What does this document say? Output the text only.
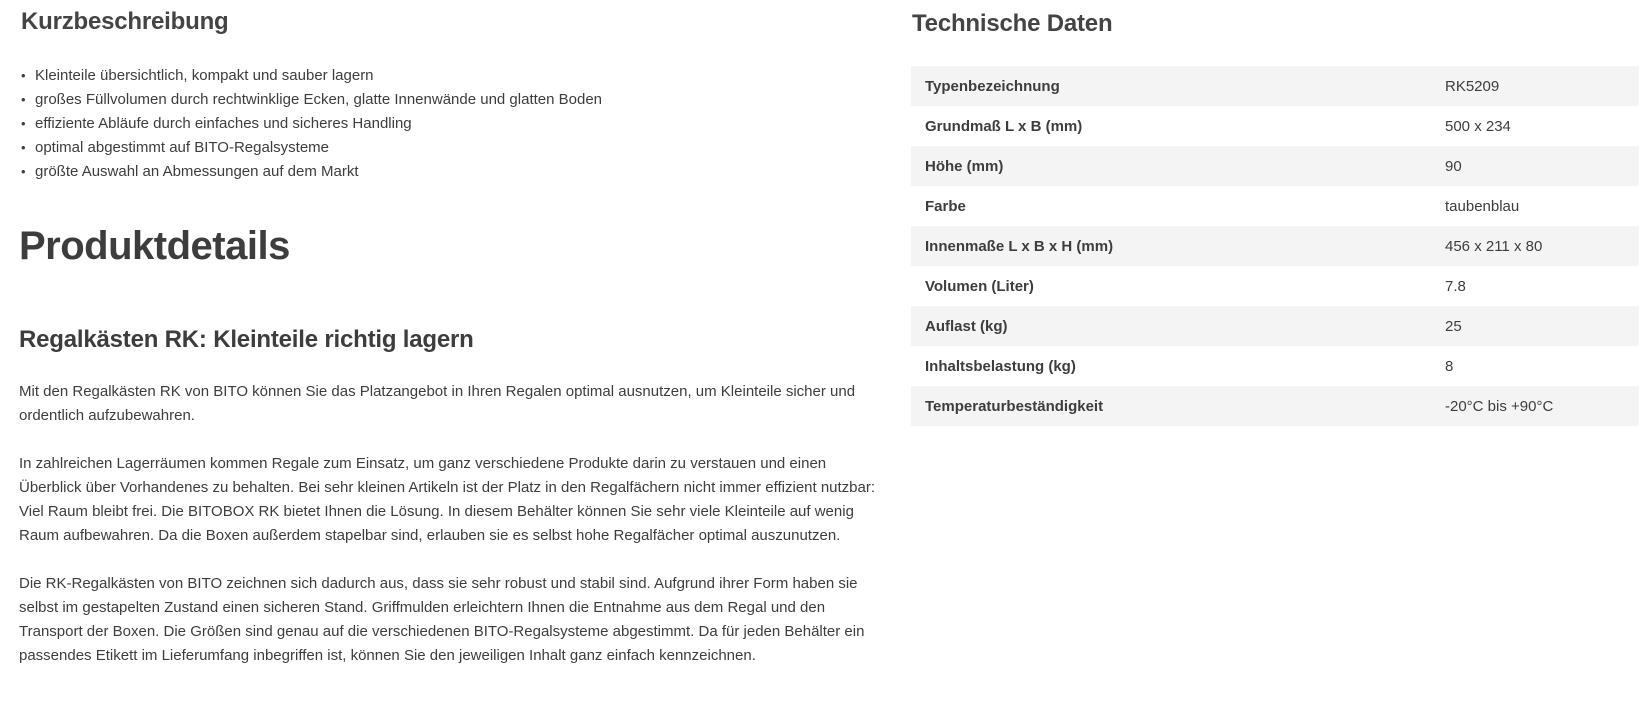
Kurzbeschreibung
• Kleinteile übersichtlich, kompakt und sauber lagern
• großes Füllvolumen durch rechtwinklige Ecken, glatte Innenwände und glatten Boden
• effiziente Abläufe durch einfaches und sicheres Handling
• optimal abgestimmt auf BITO-Regalsysteme
• größte Auswahl an Abmessungen auf dem Markt
Produktdetails
Regalkästen RK: Kleinteile richtig lagern

Mit den Regalkästen RK von BITO können Sie das Platzangebot in Ihren Regalen optimal ausnutzen, um Kleinteile sicher und ordentlich aufzubewahren.

In zahlreichen Lagerräumen kommen Regale zum Einsatz, um ganz verschiedene Produkte darin zu verstauen und einen Überblick über Vorhandenes zu behalten. Bei sehr kleinen Artikeln ist der Platz in den Regalfächern nicht immer effizient nutzbar: Viel Raum bleibt frei. Die BITOBOX RK bietet Ihnen die Lösung. In diesem Behälter können Sie sehr viele Kleinteile auf wenig Raum aufbewahren. Da die Boxen außerdem stapelbar sind, erlauben sie es selbst hohe Regalfächer optimal auszunutzen.

Die RK-Regalkästen von BITO zeichnen sich dadurch aus, dass sie sehr robust und stabil sind. Aufgrund ihrer Form haben sie selbst im gestapelten Zustand einen sicheren Stand. Griffmulden erleichtern Ihnen die Entnahme aus dem Regal und den Transport der Boxen. Die Größen sind genau auf die verschiedenen BITO-Regalsysteme abgestimmt. Da für jeden Behälter ein passendes Etikett im Lieferumfang inbegriffen ist, können Sie den jeweiligen Inhalt ganz einfach kennzeichnen.

Technische Daten
Typenbezeichnung	RK5209
Grundmaß L x B (mm)	500 x 234
Höhe (mm)	90
Farbe	taubenblau
Innenmaße L x B x H (mm)	456 x 211 x 80
Volumen (Liter)	7.8
Auflast (kg)	25
Inhaltsbelastung (kg)	8
Temperaturbeständigkeit	-20°C bis +90°C
